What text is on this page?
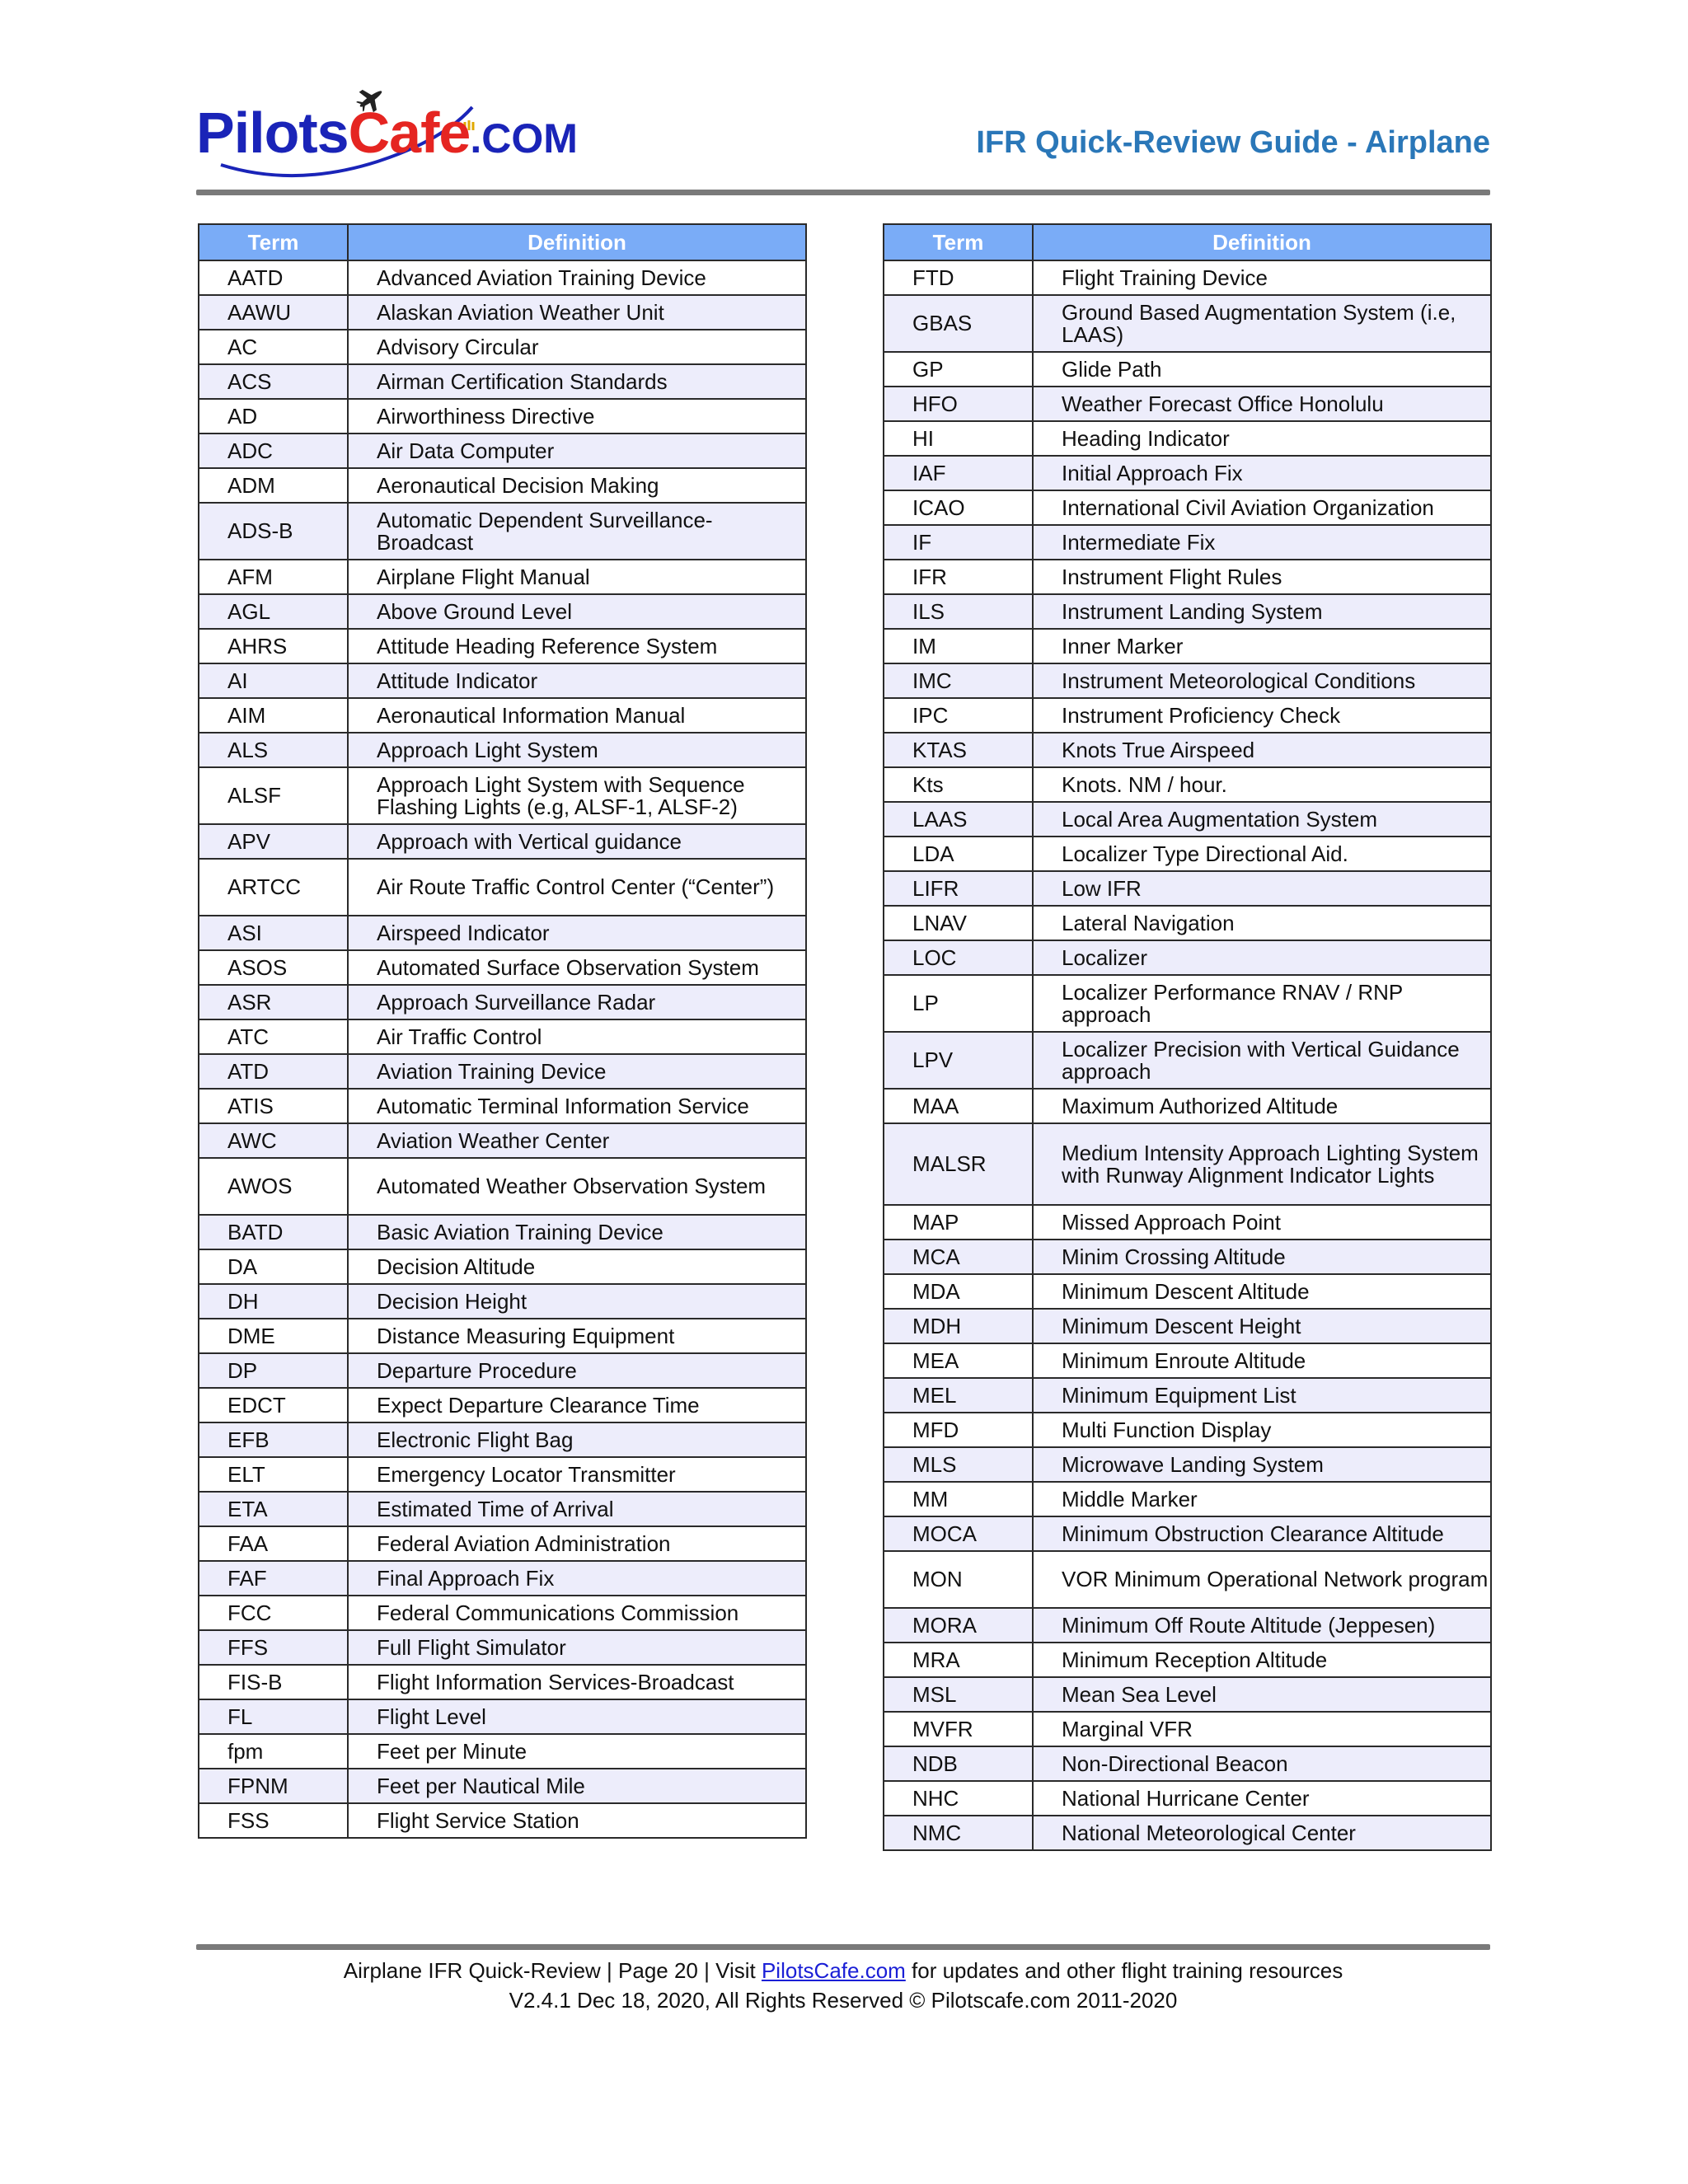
PilotsCafe.COM	IFR Quick-Review Guide - Airplane
Term	Definition
AATD	Advanced Aviation Training Device
AAWU	Alaskan Aviation Weather Unit
AC	Advisory Circular
ACS	Airman Certification Standards
AD	Airworthiness Directive
ADC	Air Data Computer
ADM	Aeronautical Decision Making
ADS-B	Automatic Dependent Surveillance-Broadcast
AFM	Airplane Flight Manual
AGL	Above Ground Level
AHRS	Attitude Heading Reference System
AI	Attitude Indicator
AIM	Aeronautical Information Manual
ALS	Approach Light System
ALSF	Approach Light System with Sequence Flashing Lights (e.g, ALSF-1, ALSF-2)
APV	Approach with Vertical guidance
ARTCC	Air Route Traffic Control Center (“Center”)
ASI	Airspeed Indicator
ASOS	Automated Surface Observation System
ASR	Approach Surveillance Radar
ATC	Air Traffic Control
ATD	Aviation Training Device
ATIS	Automatic Terminal Information Service
AWC	Aviation Weather Center
AWOS	Automated Weather Observation System
BATD	Basic Aviation Training Device
DA	Decision Altitude
DH	Decision Height
DME	Distance Measuring Equipment
DP	Departure Procedure
EDCT	Expect Departure Clearance Time
EFB	Electronic Flight Bag
ELT	Emergency Locator Transmitter
ETA	Estimated Time of Arrival
FAA	Federal Aviation Administration
FAF	Final Approach Fix
FCC	Federal Communications Commission
FFS	Full Flight Simulator
FIS-B	Flight Information Services-Broadcast
FL	Flight Level
fpm	Feet per Minute
FPNM	Feet per Nautical Mile
FSS	Flight Service Station
Term	Definition
FTD	Flight Training Device
GBAS	Ground Based Augmentation System (i.e, LAAS)
GP	Glide Path
HFO	Weather Forecast Office Honolulu
HI	Heading Indicator
IAF	Initial Approach Fix
ICAO	International Civil Aviation Organization
IF	Intermediate Fix
IFR	Instrument Flight Rules
ILS	Instrument Landing System
IM	Inner Marker
IMC	Instrument Meteorological Conditions
IPC	Instrument Proficiency Check
KTAS	Knots True Airspeed
Kts	Knots. NM / hour.
LAAS	Local Area Augmentation System
LDA	Localizer Type Directional Aid.
LIFR	Low IFR
LNAV	Lateral Navigation
LOC	Localizer
LP	Localizer Performance RNAV / RNP approach
LPV	Localizer Precision with Vertical Guidance approach
MAA	Maximum Authorized Altitude
MALSR	Medium Intensity Approach Lighting System with Runway Alignment Indicator Lights
MAP	Missed Approach Point
MCA	Minim Crossing Altitude
MDA	Minimum Descent Altitude
MDH	Minimum Descent Height
MEA	Minimum Enroute Altitude
MEL	Minimum Equipment List
MFD	Multi Function Display
MLS	Microwave Landing System
MM	Middle Marker
MOCA	Minimum Obstruction Clearance Altitude
MON	VOR Minimum Operational Network program
MORA	Minimum Off Route Altitude (Jeppesen)
MRA	Minimum Reception Altitude
MSL	Mean Sea Level
MVFR	Marginal VFR
NDB	Non-Directional Beacon
NHC	National Hurricane Center
NMC	National Meteorological Center
Airplane IFR Quick-Review | Page 20 | Visit PilotsCafe.com for updates and other flight training resources
V2.4.1 Dec 18, 2020, All Rights Reserved © Pilotscafe.com 2011-2020
